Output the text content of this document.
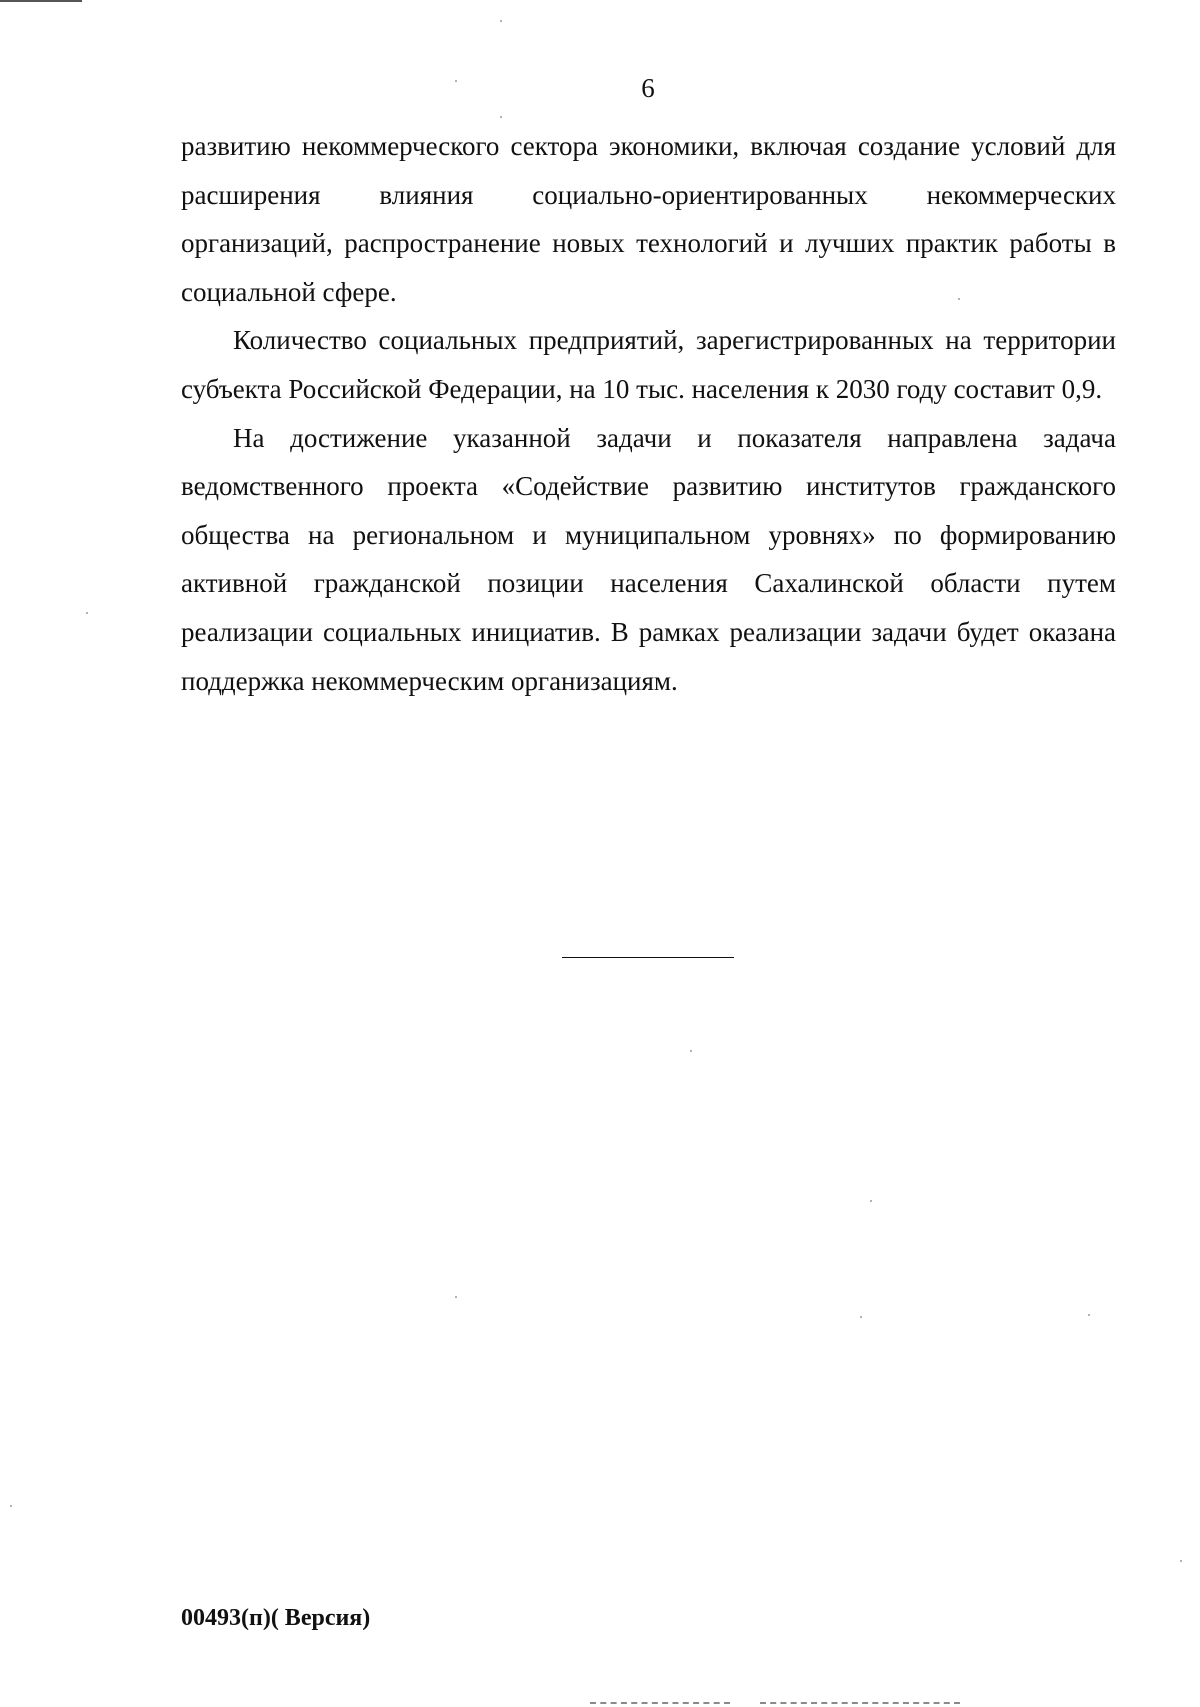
6

развитию некоммерческого сектора экономики, включая создание условий для расширения влияния социально-ориентированных некоммерческих организаций, распространение новых технологий и лучших практик работы в социальной сфере.

Количество социальных предприятий, зарегистрированных на территории субъекта Российской Федерации, на 10 тыс. населения к 2030 году составит 0,9.

На достижение указанной задачи и показателя направлена задача ведомственного проекта «Содействие развитию институтов гражданского общества на региональном и муниципальном уровнях» по формированию активной гражданской позиции населения Сахалинской области путем реализации социальных инициатив. В рамках реализации задачи будет оказана поддержка некоммерческим организациям.

00493(п)( Версия)
